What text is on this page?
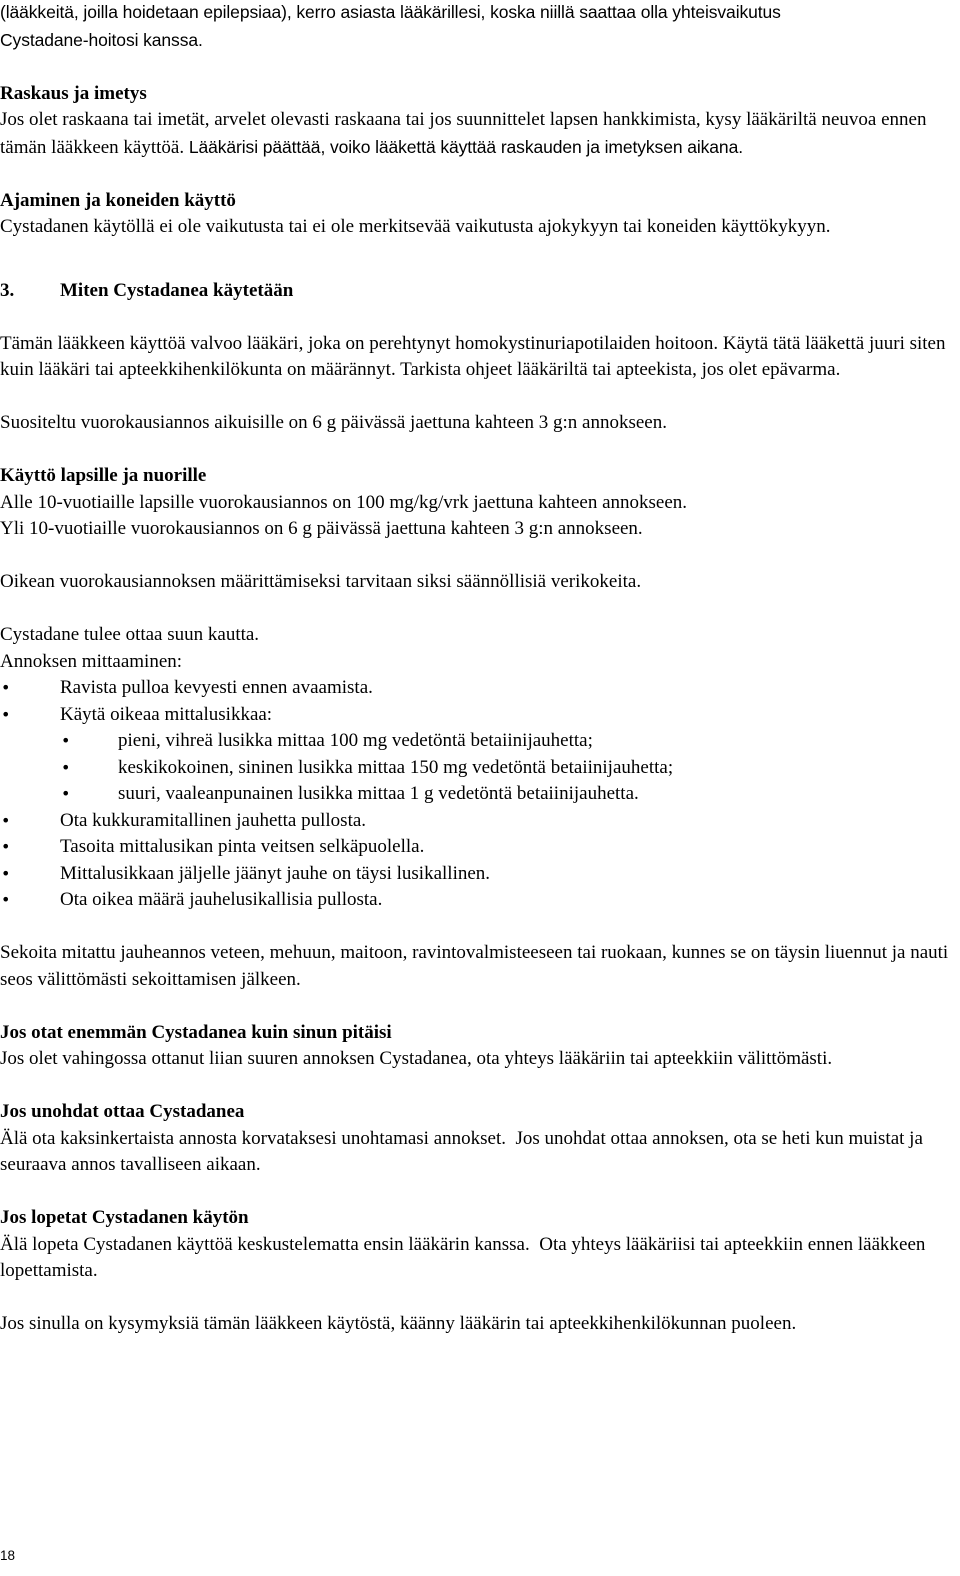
(lääkkeitä, joilla hoidetaan epilepsiaa), kerro asiasta lääkärillesi, koska niillä saattaa olla yhteisvaikutus

Cystadane-hoitosi kanssa.

Raskaus ja imetys

Jos olet raskaana tai imetät, arvelet olevasti raskaana tai jos suunnittelet lapsen hankkimista, kysy lääkäriltä neuvoa ennen tämän lääkkeen käyttöä. Lääkärisi päättää, voiko lääkettä käyttää raskauden ja imetyksen aikana.

Ajaminen ja koneiden käyttö

Cystadanen käytöllä ei ole vaikutusta tai ei ole merkitsevää vaikutusta ajokykyyn tai koneiden käyttökykyyn.

3.	Miten Cystadanea käytetään

Tämän lääkkeen käyttöä valvoo lääkäri, joka on perehtynyt homokystinuriapotilaiden hoitoon. Käytä tätä lääkettä juuri siten kuin lääkäri tai apteekkihenkilökunta on määrännyt. Tarkista ohjeet lääkäriltä tai apteekista, jos olet epävarma.

Suositeltu vuorokausiannos aikuisille on 6 g päivässä jaettuna kahteen 3 g:n annokseen.

Käyttö lapsille ja nuorille

Alle 10-vuotiaille lapsille vuorokausiannos on 100 mg/kg/vrk jaettuna kahteen annokseen.

Yli 10-vuotiaille vuorokausiannos on 6 g päivässä jaettuna kahteen 3 g:n annokseen.

Oikean vuorokausiannoksen määrittämiseksi tarvitaan siksi säännöllisiä verikokeita.

Cystadane tulee ottaa suun kautta.

Annoksen mittaaminen:

• Ravista pulloa kevyesti ennen avaamista.
• Käytä oikeaa mittalusikkaa:
• pieni, vihreä lusikka mittaa 100 mg vedetöntä betaiinijauhetta;
• keskikokoinen, sininen lusikka mittaa 150 mg vedetöntä betaiinijauhetta;
• suuri, vaaleanpunainen lusikka mittaa 1 g vedetöntä betaiinijauhetta.
• Ota kukkuramitallinen jauhetta pullosta.
• Tasoita mittalusikan pinta veitsen selkäpuolella.
• Mittalusikkaan jäljelle jäänyt jauhe on täysi lusikallinen.
• Ota oikea määrä jauhelusikallisia pullosta.

Sekoita mitattu jauheannos veteen, mehuun, maitoon, ravintovalmisteeseen tai ruokaan, kunnes se on täysin liuennut ja nauti seos välittömästi sekoittamisen jälkeen.

Jos otat enemmän Cystadanea kuin sinun pitäisi

Jos olet vahingossa ottanut liian suuren annoksen Cystadanea, ota yhteys lääkäriin tai apteekkiin välittömästi.

Jos unohdat ottaa Cystadanea

Älä ota kaksinkertaista annosta korvataksesi unohtamasi annokset.  Jos unohdat ottaa annoksen, ota se heti kun muistat ja seuraava annos tavalliseen aikaan.

Jos lopetat Cystadanen käytön

Älä lopeta Cystadanen käyttöä keskustelematta ensin lääkärin kanssa.  Ota yhteys lääkäriisi tai apteekkiin ennen lääkkeen lopettamista.

Jos sinulla on kysymyksiä tämän lääkkeen käytöstä, käänny lääkärin tai apteekkihenkilökunnan puoleen.

18
